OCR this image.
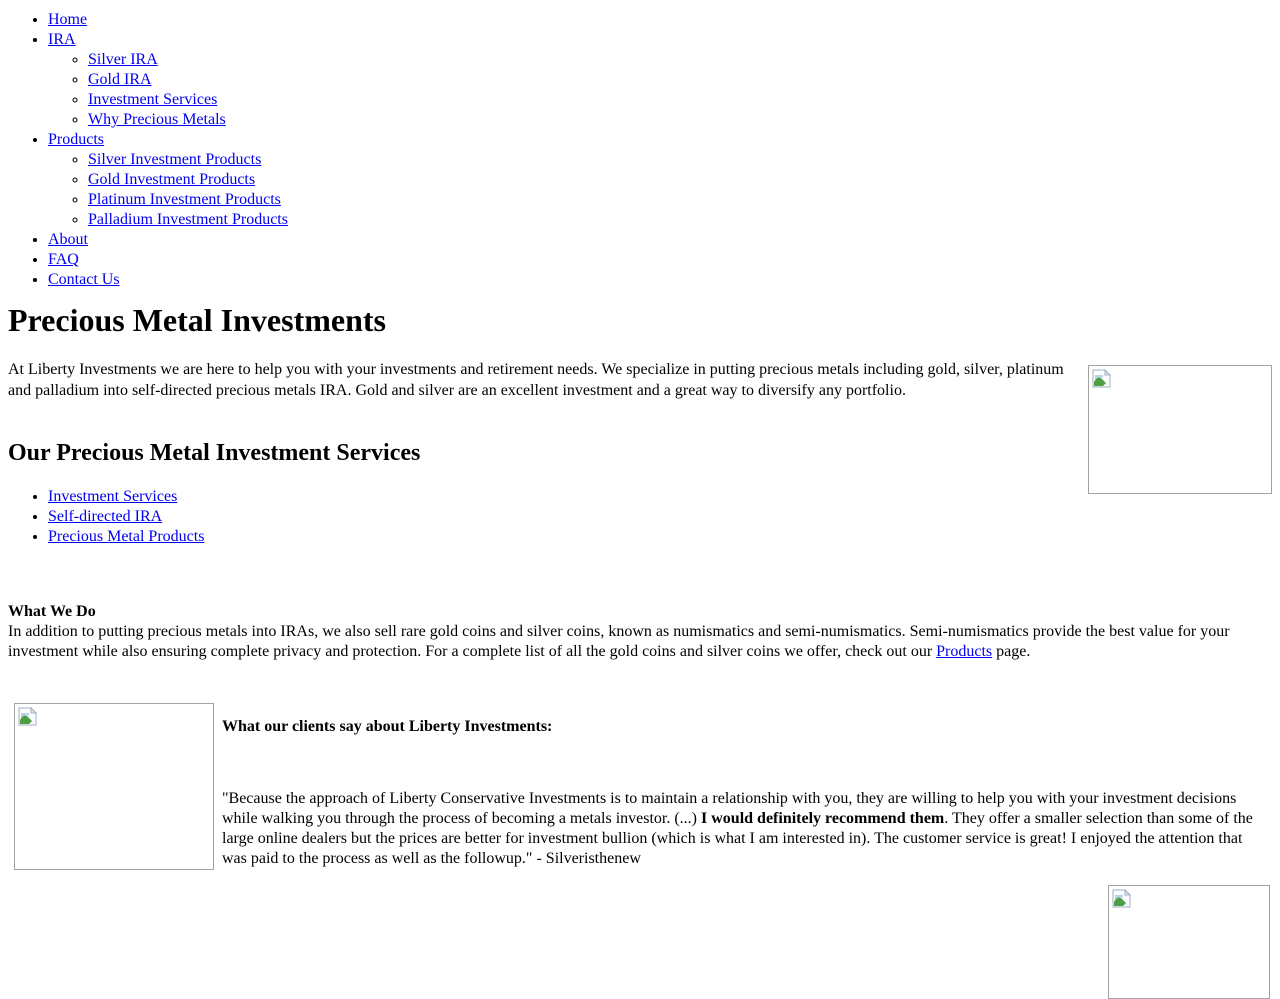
• Home
• IRA
◦ Silver IRA
◦ Gold IRA
◦ Investment Services
◦ Why Precious Metals
• Products
◦ Silver Investment Products
◦ Gold Investment Products
◦ Platinum Investment Products
◦ Palladium Investment Products
• About
• FAQ
• Contact Us
Precious Metal Investments

At Liberty Investments we are here to help you with your investments and retirement needs. We specialize in putting precious metals including gold, silver, platinum and palladium into self-directed precious metals IRA. Gold and silver are an excellent investment and a great way to diversify any portfolio.

Our Precious Metal Investment Services
• Investment Services
• Self-directed IRA
• Precious Metal Products

What We Do
In addition to putting precious metals into IRAs, we also sell rare gold coins and silver coins, known as numismatics and semi-numismatics. Semi-numismatics provide the best value for your investment while also ensuring complete privacy and protection. For a complete list of all the gold coins and silver coins we offer, check out our Products page.

What our clients say about Liberty Investments:

"Because the approach of Liberty Conservative Investments is to maintain a relationship with you, they are willing to help you with your investment decisions while walking you through the process of becoming a metals investor. (...) I would definitely recommend them. They offer a smaller selection than some of the large online dealers but the prices are better for investment bullion (which is what I am interested in). The customer service is great! I enjoyed the attention that was paid to the process as well as the followup." - Silveristhenew
